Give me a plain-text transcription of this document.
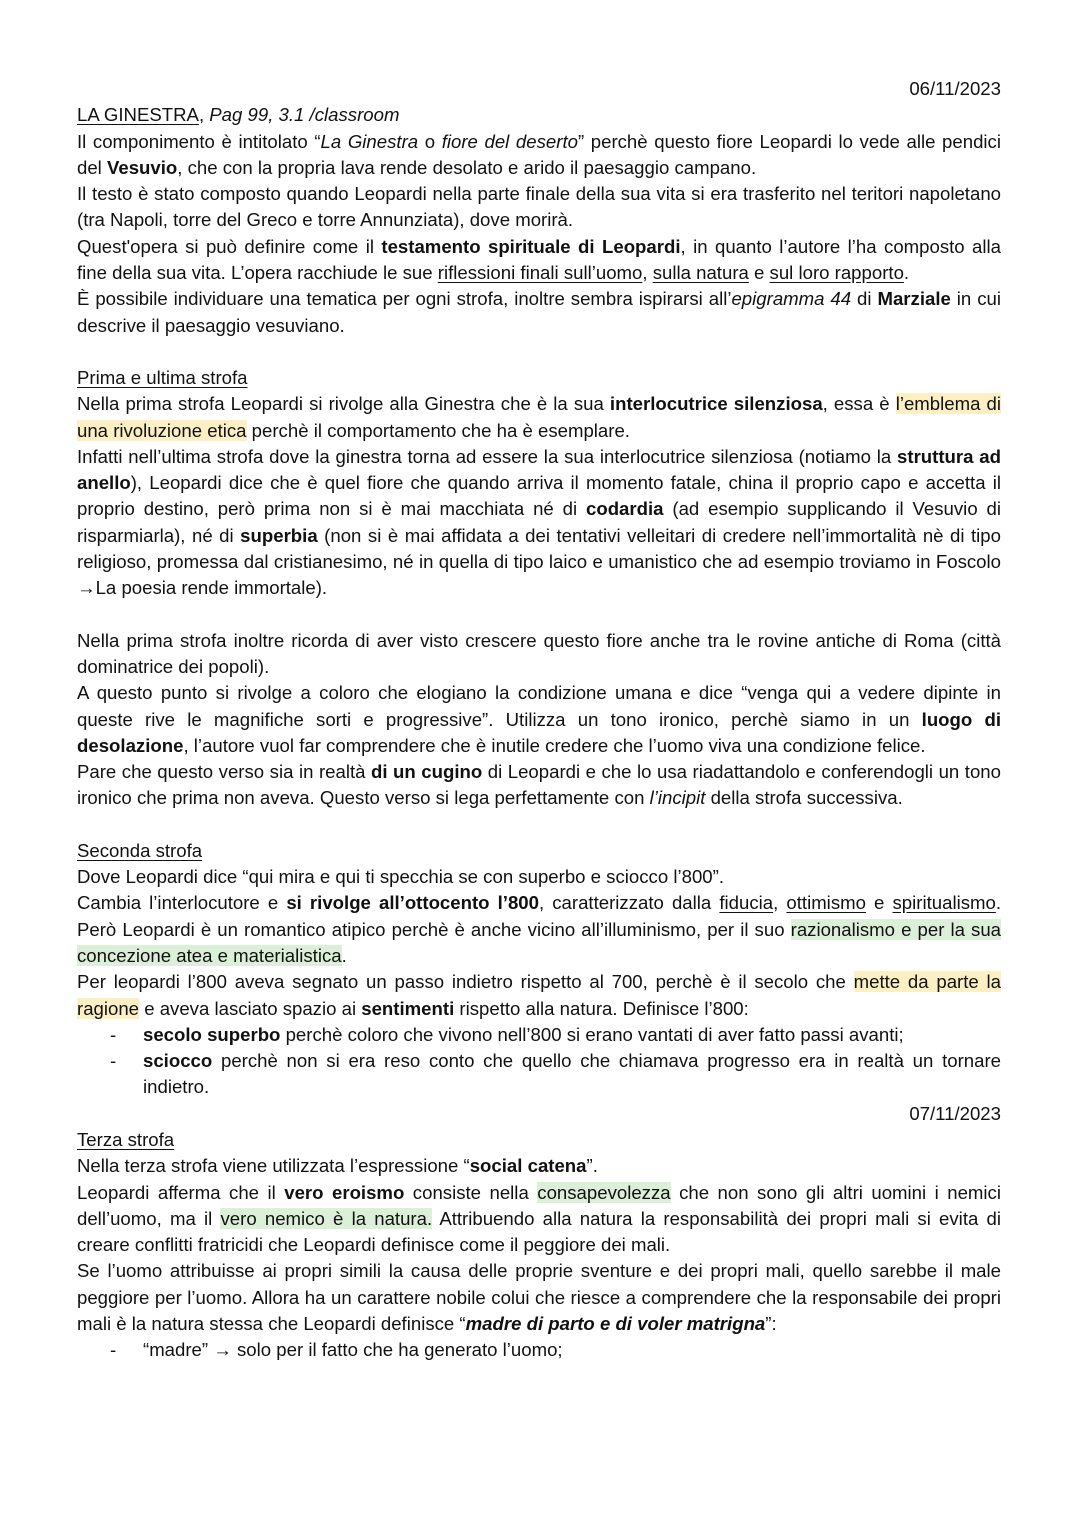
06/11/2023

LA GINESTRA, Pag 99, 3.1 /classroom

Il componimento è intitolato “La Ginestra o fiore del deserto” perchè questo fiore Leopardi lo vede alle pendici del Vesuvio, che con la propria lava rende desolato e arido il paesaggio campano.

Il testo è stato composto quando Leopardi nella parte finale della sua vita si era trasferito nel teritori napoletano (tra Napoli, torre del Greco e torre Annunziata), dove morirà.

Quest'opera si può definire come il testamento spirituale di Leopardi, in quanto l’autore l’ha composto alla fine della sua vita. L’opera racchiude le sue riflessioni finali sull’uomo, sulla natura e sul loro rapporto.

È possibile individuare una tematica per ogni strofa, inoltre sembra ispirarsi all’epigramma 44 di Marziale in cui descrive il paesaggio vesuviano.

Prima e ultima strofa

Nella prima strofa Leopardi si rivolge alla Ginestra che è la sua interlocutrice silenziosa, essa è l’emblema di una rivoluzione etica perchè il comportamento che ha è esemplare.

Infatti nell’ultima strofa dove la ginestra torna ad essere la sua interlocutrice silenziosa (notiamo la struttura ad anello), Leopardi dice che è quel fiore che quando arriva il momento fatale, china il proprio capo e accetta il proprio destino, però prima non si è mai macchiata né di codardia (ad esempio supplicando il Vesuvio di risparmiarla), né di superbia (non si è mai affidata a dei tentativi velleitari di credere nell’immortalità nè di tipo religioso, promessa dal cristianesimo, né in quella di tipo laico e umanistico che ad esempio troviamo in Foscolo →La poesia rende immortale).

Nella prima strofa inoltre ricorda di aver visto crescere questo fiore anche tra le rovine antiche di Roma (città dominatrice dei popoli).

A questo punto si rivolge a coloro che elogiano la condizione umana e dice “venga qui a vedere dipinte in queste rive le magnifiche sorti e progressive”. Utilizza un tono ironico, perchè siamo in un luogo di desolazione, l’autore vuol far comprendere che è inutile credere che l’uomo viva una condizione felice.

Pare che questo verso sia in realtà di un cugino di Leopardi e che lo usa riadattandolo e conferendogli un tono ironico che prima non aveva. Questo verso si lega perfettamente con l’incipit della strofa successiva.

Seconda strofa

Dove Leopardi dice “qui mira e qui ti specchia se con superbo e sciocco l’800”.

Cambia l’interlocutore e si rivolge all’ottocento l’800, caratterizzato dalla fiducia, ottimismo e spiritualismo. Però Leopardi è un romantico atipico perchè è anche vicino all’illuminismo, per il suo razionalismo e per la sua concezione atea e materialistica.

Per leopardi l’800 aveva segnato un passo indietro rispetto al 700, perchè è il secolo che mette da parte la ragione e aveva lasciato spazio ai sentimenti rispetto alla natura. Definisce l’800:

- secolo superbo perchè coloro che vivono nell’800 si erano vantati di aver fatto passi avanti;
- sciocco perchè non si era reso conto che quello che chiamava progresso era in realtà un tornare indietro.

07/11/2023

Terza strofa

Nella terza strofa viene utilizzata l’espressione “social catena”.

Leopardi afferma che il vero eroismo consiste nella consapevolezza che non sono gli altri uomini i nemici dell’uomo, ma il vero nemico è la natura. Attribuendo alla natura la responsabilità dei propri mali si evita di creare conflitti fratricidi che Leopardi definisce come il peggiore dei mali.

Se l’uomo attribuisse ai propri simili la causa delle proprie sventure e dei propri mali, quello sarebbe il male peggiore per l’uomo. Allora ha un carattere nobile colui che riesce a comprendere che la responsabile dei propri mali è la natura stessa che Leopardi definisce “madre di parto e di voler matrigna”:

- “madre” → solo per il fatto che ha generato l’uomo;
